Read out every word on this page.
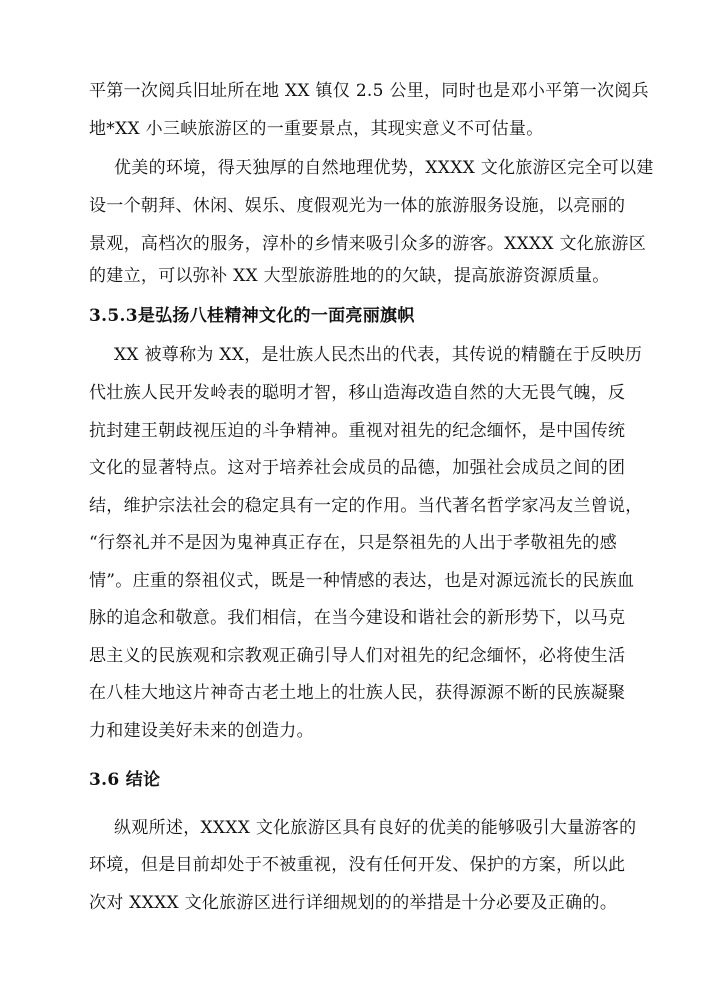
平第一次阅兵旧址所在地 XX 镇仅 2.5 公里，同时也是邓小平第一次阅兵
地*XX 小三峡旅游区的一重要景点，其现实意义不可估量。
优美的环境，得天独厚的自然地理优势，XXXX 文化旅游区完全可以建
设一个朝拜、休闲、娱乐、度假观光为一体的旅游服务设施，以亮丽的
景观，高档次的服务，淳朴的乡情来吸引众多的游客。XXXX 文化旅游区
的建立，可以弥补 XX 大型旅游胜地的的欠缺，提高旅游资源质量。
3.5.3是弘扬八桂精神文化的一面亮丽旗帜
XX 被尊称为 XX，是壮族人民杰出的代表，其传说的精髓在于反映历
代壮族人民开发岭表的聪明才智，移山造海改造自然的大无畏气魄，反
抗封建王朝歧视压迫的斗争精神。重视对祖先的纪念缅怀，是中国传统
文化的显著特点。这对于培养社会成员的品德，加强社会成员之间的团
结，维护宗法社会的稳定具有一定的作用。当代著名哲学家冯友兰曾说，
“行祭礼并不是因为鬼神真正存在，只是祭祖先的人出于孝敬祖先的感
情”。庄重的祭祖仪式，既是一种情感的表达，也是对源远流长的民族血
脉的追念和敬意。我们相信，在当今建设和谐社会的新形势下，以马克
思主义的民族观和宗教观正确引导人们对祖先的纪念缅怀，必将使生活
在八桂大地这片神奇古老土地上的壮族人民，获得源源不断的民族凝聚
力和建设美好未来的创造力。
3.6 结论
纵观所述，XXXX 文化旅游区具有良好的优美的能够吸引大量游客的
环境，但是目前却处于不被重视，没有任何开发、保护的方案，所以此
次对 XXXX 文化旅游区进行详细规划的的举措是十分必要及正确的。
